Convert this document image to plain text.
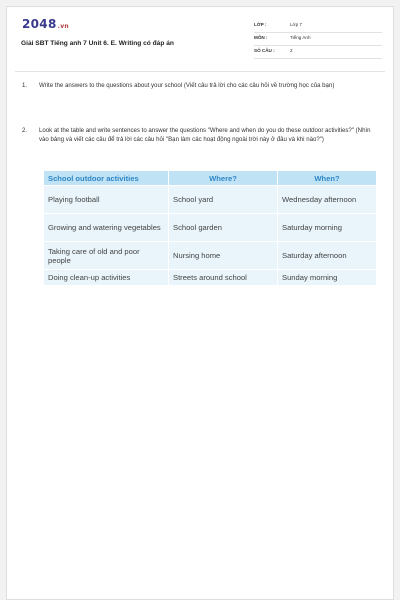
2048.vn
Giải SBT Tiếng anh 7 Unit 6. E. Writing có đáp án
LỚP :	Lớp 7
MÔN :	Tiếng Anh
SỐ CÂU :	2
1. Write the answers to the questions about your school (Viết câu trả lời cho các câu hỏi về trường học của bạn)
2. Look at the table and write sentences to answer the questions "Where and when do you do these outdoor activities?" (Nhìn vào bảng và viết các câu để trả lời các câu hỏi "Bạn làm các hoạt động ngoài trời này ở đâu và khi nào?")
School outdoor activities	Where?	When?
Playing football	School yard	Wednesday afternoon
Growing and watering vegetables	School garden	Saturday morning
Taking care of old and poor people	Nursing home	Saturday afternoon
Doing clean-up activities	Streets around school	Sunday morning
